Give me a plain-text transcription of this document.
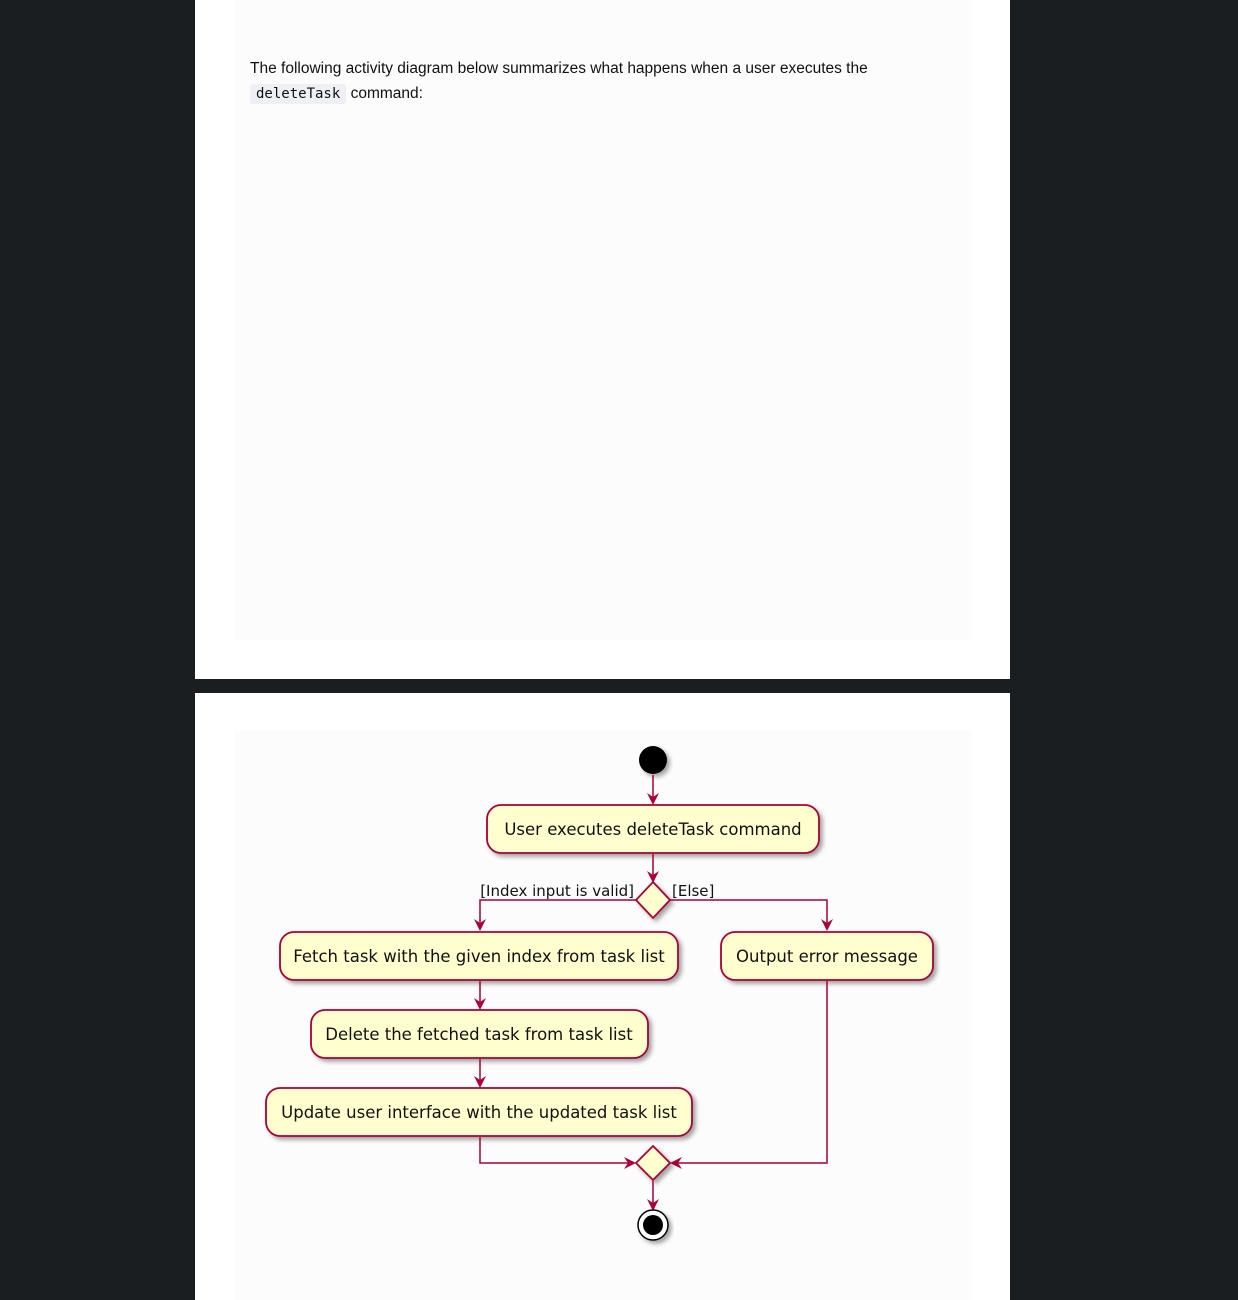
The following activity diagram below summarizes what happens when a user executes the
deleteTask command:
User executes deleteTask command
[Index input is valid]	[Else]
Fetch task with the given index from task list	Output error message
Delete the fetched task from task list
Update user interface with the updated task list
